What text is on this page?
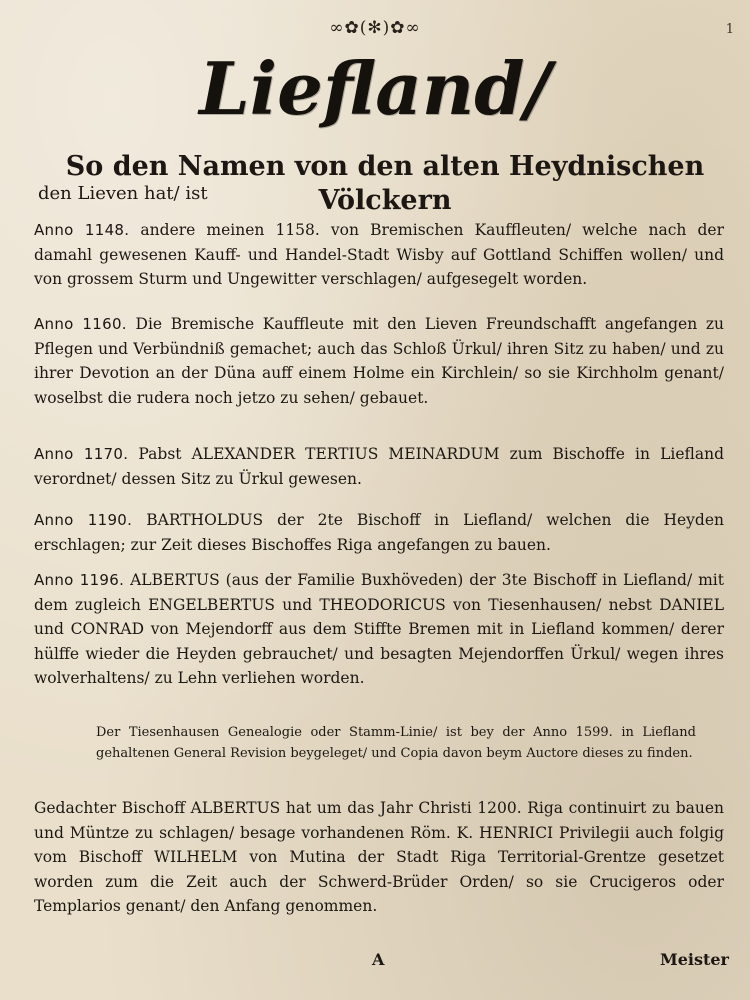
∞✿(✻)✿∞	1
Liefland/
So den Namen von den alten Heydnischen Völckern
den Lieven hat/ ist
Anno 1148. andere meinen 1158. von Bremischen Kauffleuten/ welche nach der damahl gewesenen Kauff- und Handel-Stadt Wisby auf Gottland Schiffen wollen/ und von grossem Sturm und Ungewitter verschlagen/ aufgesegelt worden.
Anno 1160. Die Bremische Kauffleute mit den Lieven Freundschafft angefangen zu Pflegen und Verbündniß gemachet; auch das Schloß Ürkul/ ihren Sitz zu haben/ und zu ihrer Devotion an der Düna auff einem Holme ein Kirchlein/ so sie Kirchholm genant/ woselbst die rudera noch jetzo zu sehen/ gebauet.
Anno 1170. Pabst ALEXANDER TERTIUS MEINARDUM zum Bischoffe in Liefland verordnet/ dessen Sitz zu Ürkul gewesen.
Anno 1190. BARTHOLDUS der 2te Bischoff in Liefland/ welchen die Heyden erschlagen; zur Zeit dieses Bischoffes Riga angefangen zu bauen.
Anno 1196. ALBERTUS (aus der Familie Buxhöveden) der 3te Bischoff in Liefland/ mit dem zugleich ENGELBERTUS und THEODORICUS von Tiesenhausen/ nebst DANIEL und CONRAD von Mejendorff aus dem Stiffte Bremen mit in Liefland kommen/ derer hülffe wieder die Heyden gebrauchet/ und besagten Mejendorffen Ürkul/ wegen ihres wolverhaltens/ zu Lehn verliehen worden.
Der Tiesenhausen Genealogie oder Stamm-Linie/ ist bey der Anno 1599. in Liefland gehaltenen General Revision beygeleget/ und Copia davon beym Auctore dieses zu finden.
Gedachter Bischoff ALBERTUS hat um das Jahr Christi 1200. Riga continuirt zu bauen und Müntze zu schlagen/ besage vorhandenen Röm. K. HENRICI Privilegii auch folgig vom Bischoff WILHELM von Mutina der Stadt Riga Territorial-Grentze gesetzet worden zum die Zeit auch der Schwerd-Brüder Orden/ so sie Crucigeros oder Templarios genant/ den Anfang genommen.
A	Meister
